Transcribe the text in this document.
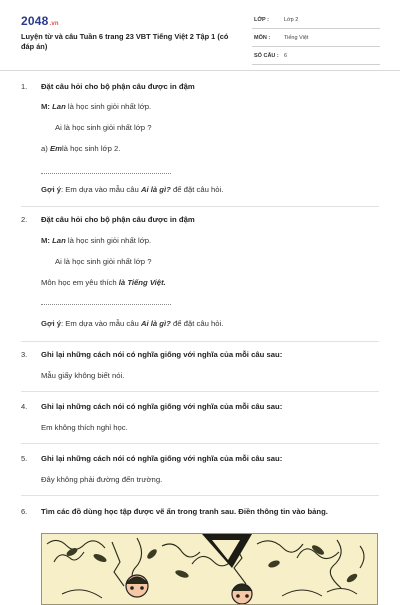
2048.vn
Luyện từ và câu Tuần 6 trang 23 VBT Tiếng Việt 2 Tập 1 (có đáp án)
LỚP :	Lớp 2
MÔN :	Tiếng Việt
SỐ CÂU : 6
1. Đặt câu hỏi cho bộ phận câu được in đậm
M: Lan là học sinh giỏi nhất lớp.
Ai là học sinh giỏi nhất lớp ?
a) Emlà học sinh lớp 2.
Gợi ý: Em dựa vào mẫu câu Ai là gì? để đặt câu hỏi.
2. Đặt câu hỏi cho bộ phận câu được in đậm
M: Lan là học sinh giỏi nhất lớp.
Ai là học sinh giỏi nhất lớp ?
Môn học em yêu thích là Tiếng Việt.
Gợi ý: Em dựa vào mẫu câu Ai là gì? để đặt câu hỏi.
3. Ghi lại những cách nói có nghĩa giống với nghĩa của mỗi câu sau:
Mẫu giấy không biết nói.
4. Ghi lại những cách nói có nghĩa giống với nghĩa của mỗi câu sau:
Em không thích nghỉ học.
5. Ghi lại những cách nói có nghĩa giống với nghĩa của mỗi câu sau:
Đây không phải đường đến trường.
6. Tìm các đồ dùng học tập được vẽ ẩn trong tranh sau. Điền thông tin vào bảng.
